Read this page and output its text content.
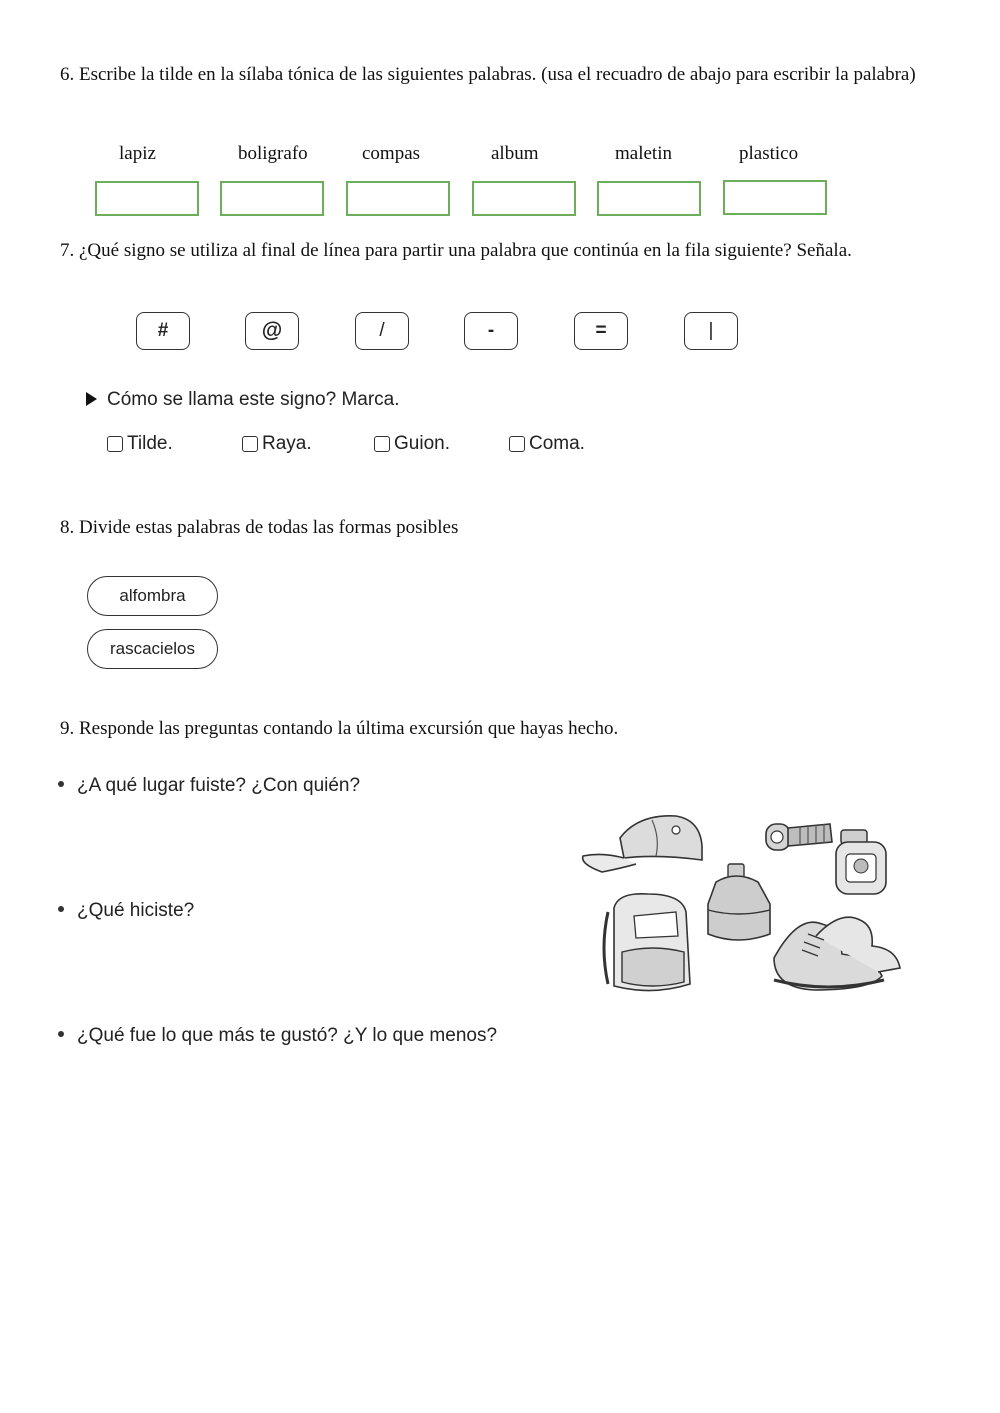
6. Escribe la tilde en la sílaba tónica de las siguientes palabras. (usa el recuadro de abajo para escribir la palabra)
lapiz	boligrafo	compas	album	maletin	plastico
7. ¿Qué signo se utiliza al final de línea para partir una palabra que continúa en la fila siguiente? Señala.
#	@	/	-	=	|
Cómo se llama este signo? Marca.
Tilde.	Raya.	Guion.	Coma.
8. Divide estas palabras de todas las formas posibles
alfombra
rascacielos
9. Responde las preguntas contando la última excursión que hayas hecho.
¿A qué lugar fuiste? ¿Con quién?
¿Qué hiciste?
¿Qué fue lo que más te gustó? ¿Y lo que menos?
